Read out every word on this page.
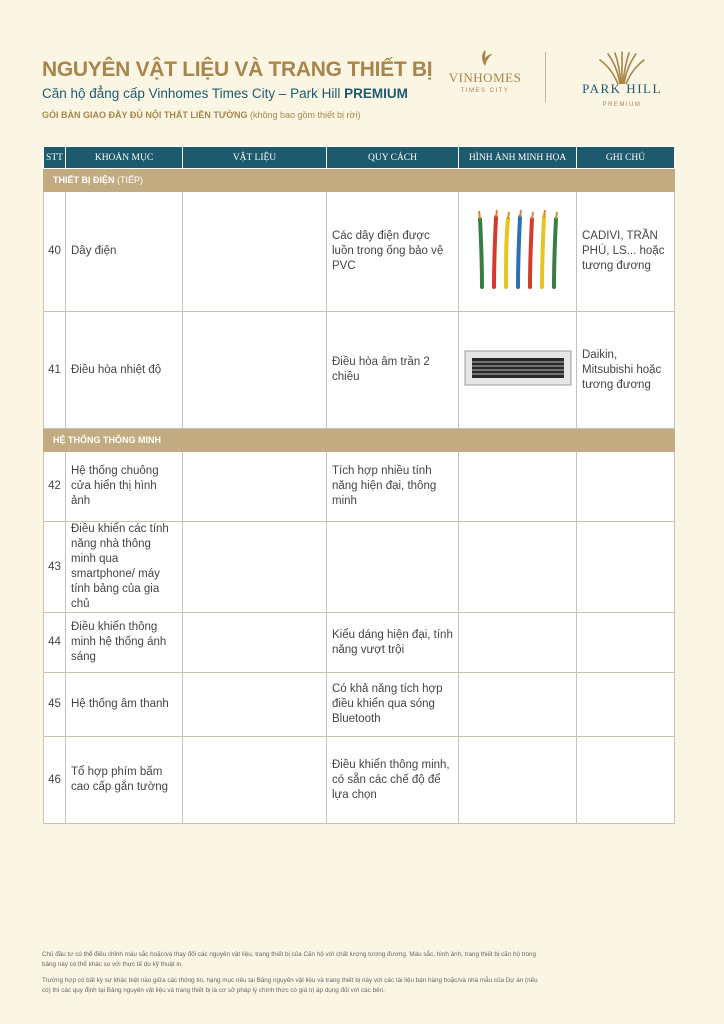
NGUYÊN VẬT LIỆU VÀ TRANG THIẾT BỊ
Căn hộ đẳng cấp Vinhomes Times City – Park Hill PREMIUM
GÓI BÀN GIAO ĐẦY ĐỦ NỘI THẤT LIỀN TƯỜNG (không bao gồm thiết bị rời)
VINHOMES
TIMES CITY	PARK HILL
PREMIUM
STT	KHOẢN MỤC	VẬT LIỆU	QUY CÁCH	HÌNH ẢNH MINH HỌA	GHI CHÚ
THIẾT BỊ ĐIỆN (TIẾP)					
40	Dây điện		Các dây điện được luồn trong ống bảo vệ PVC		CADIVI, TRẦN PHÚ, LS... hoặc tương đương
41	Điều hòa nhiệt độ		Điều hòa âm trần 2 chiều		Daikin, Mitsubishi hoặc tương đương
HỆ THỐNG THÔNG MINH					
42	Hệ thống chuông cửa hiển thị hình ảnh		Tích hợp nhiều tính năng hiện đại, thông minh		
43	Điều khiển các tính năng nhà thông minh qua smartphone/ máy tính bảng của gia chủ				
44	Điều khiển thông minh hệ thống ánh sáng		Kiểu dáng hiện đại, tính năng vượt trội		
45	Hệ thống âm thanh		Có khả năng tích hợp điều khiển qua sóng Bluetooth		
46	Tổ hợp phím bấm cao cấp gắn tường		Điều khiển thông minh, có sẵn các chế độ để lựa chọn		

Chủ đầu tư có thể điều chỉnh màu sắc hoặc/và thay đổi các nguyên vật liệu, trang thiết bị của Căn hộ với chất lượng tương đương. Màu sắc, hình ảnh, trang thiết bị căn hộ trong bảng này có thể khác so với thực tế do kỹ thuật in.

Trường hợp có bất kỳ sự khác biệt nào giữa các thông tin, hạng mục nêu tại Bảng nguyên vật liệu và trang thiết bị này với các tài liệu bán hàng hoặc/và nhà mẫu của Dự án (nếu có) thì các quy định tại Bảng nguyên vật liệu và trang thiết bị là cơ sở pháp lý chính thức có giá trị áp dụng đối với các bên.
